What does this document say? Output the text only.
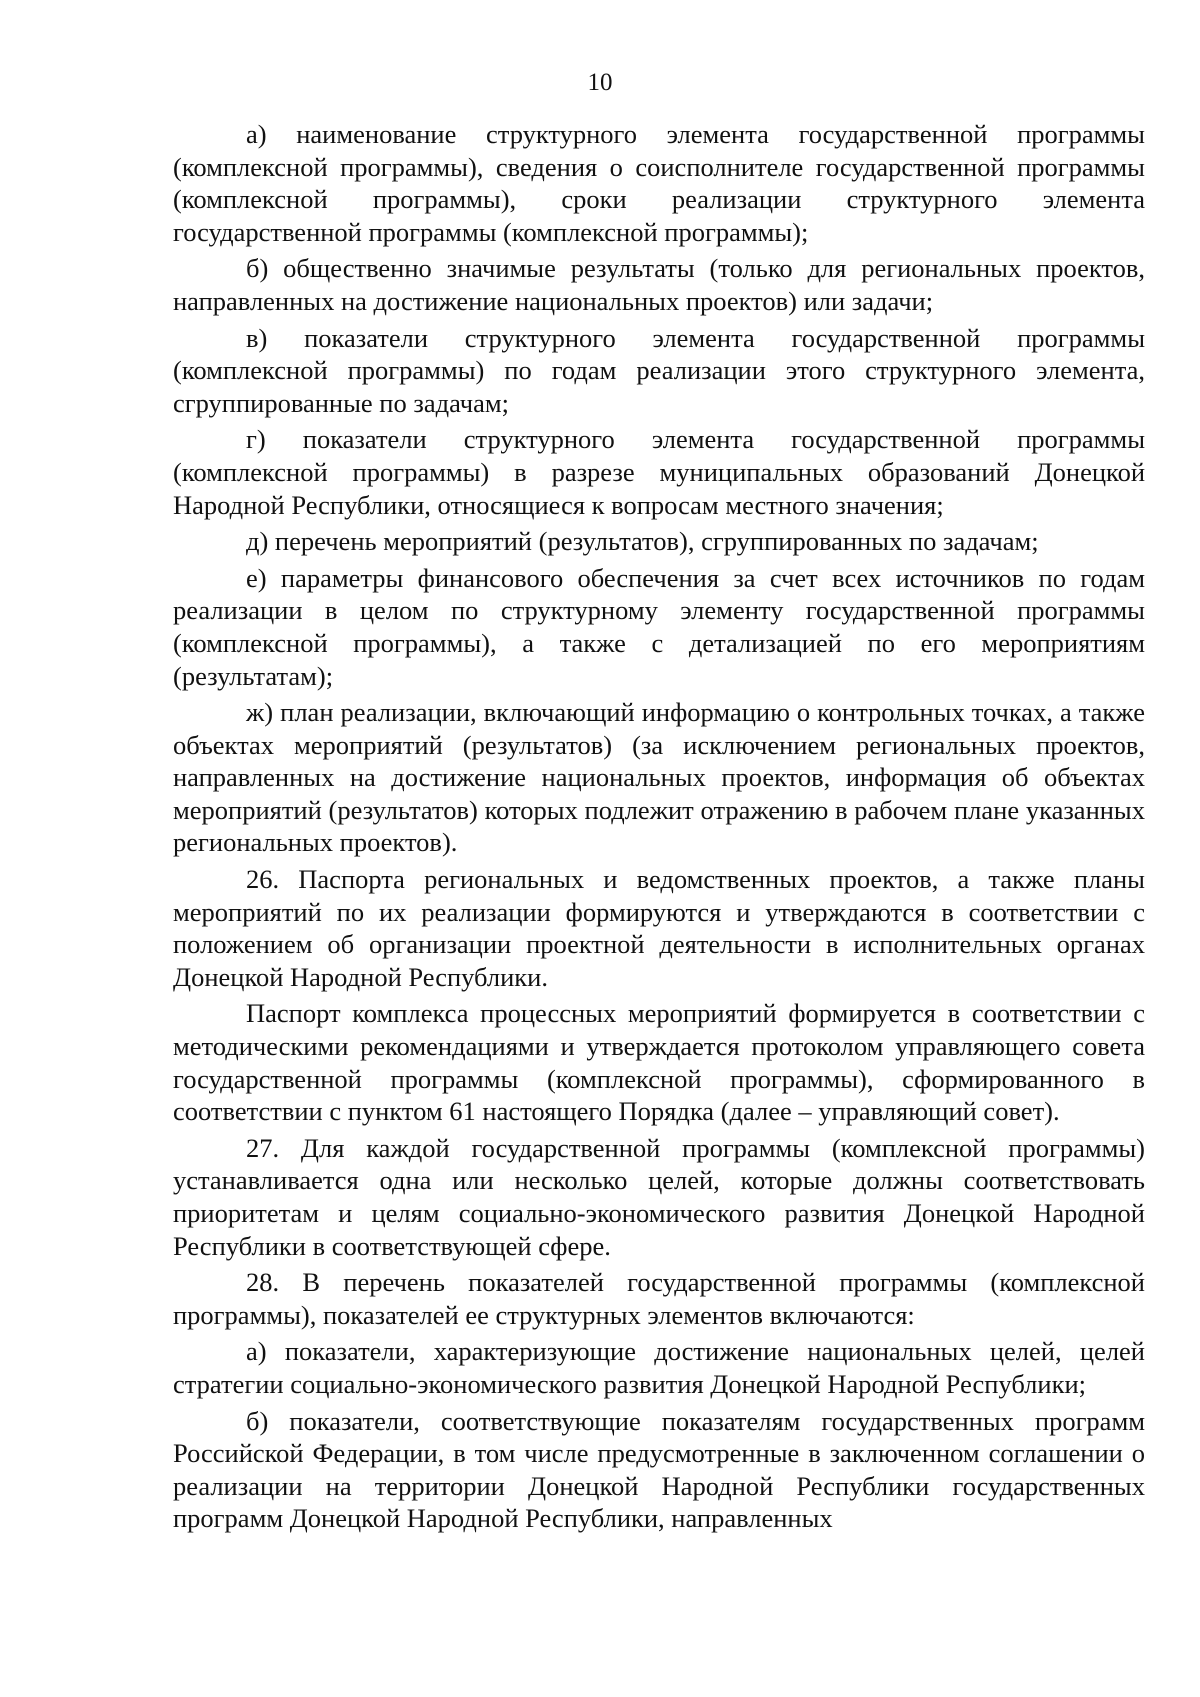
10

а) наименование структурного элемента государственной программы (комплексной программы), сведения о соисполнителе государственной программы (комплексной программы), сроки реализации структурного элемента государственной программы (комплексной программы);

б) общественно значимые результаты (только для региональных проектов, направленных на достижение национальных проектов) или задачи;

в) показатели структурного элемента государственной программы (комплексной программы) по годам реализации этого структурного элемента, сгруппированные по задачам;

г) показатели структурного элемента государственной программы (комплексной программы) в разрезе муниципальных образований Донецкой Народной Республики, относящиеся к вопросам местного значения;

д) перечень мероприятий (результатов), сгруппированных по задачам;

е) параметры финансового обеспечения за счет всех источников по годам реализации в целом по структурному элементу государственной программы (комплексной программы), а также с детализацией по его мероприятиям (результатам);

ж) план реализации, включающий информацию о контрольных точках, а также объектах мероприятий (результатов) (за исключением региональных проектов, направленных на достижение национальных проектов, информация об объектах мероприятий (результатов) которых подлежит отражению в рабочем плане указанных региональных проектов).

26. Паспорта региональных и ведомственных проектов, а также планы мероприятий по их реализации формируются и утверждаются в соответствии с положением об организации проектной деятельности в исполнительных органах Донецкой Народной Республики.

Паспорт комплекса процессных мероприятий формируется в соответствии с методическими рекомендациями и утверждается протоколом управляющего совета государственной программы (комплексной программы), сформированного в соответствии с пунктом 61 настоящего Порядка (далее – управляющий совет).

27. Для каждой государственной программы (комплексной программы) устанавливается одна или несколько целей, которые должны соответствовать приоритетам и целям социально-экономического развития Донецкой Народной Республики в соответствующей сфере.

28. В перечень показателей государственной программы (комплексной программы), показателей ее структурных элементов включаются:

а) показатели, характеризующие достижение национальных целей, целей стратегии социально-экономического развития Донецкой Народной Республики;

б) показатели, соответствующие показателям государственных программ Российской Федерации, в том числе предусмотренные в заключенном соглашении о реализации на территории Донецкой Народной Республики государственных программ Донецкой Народной Республики, направленных
